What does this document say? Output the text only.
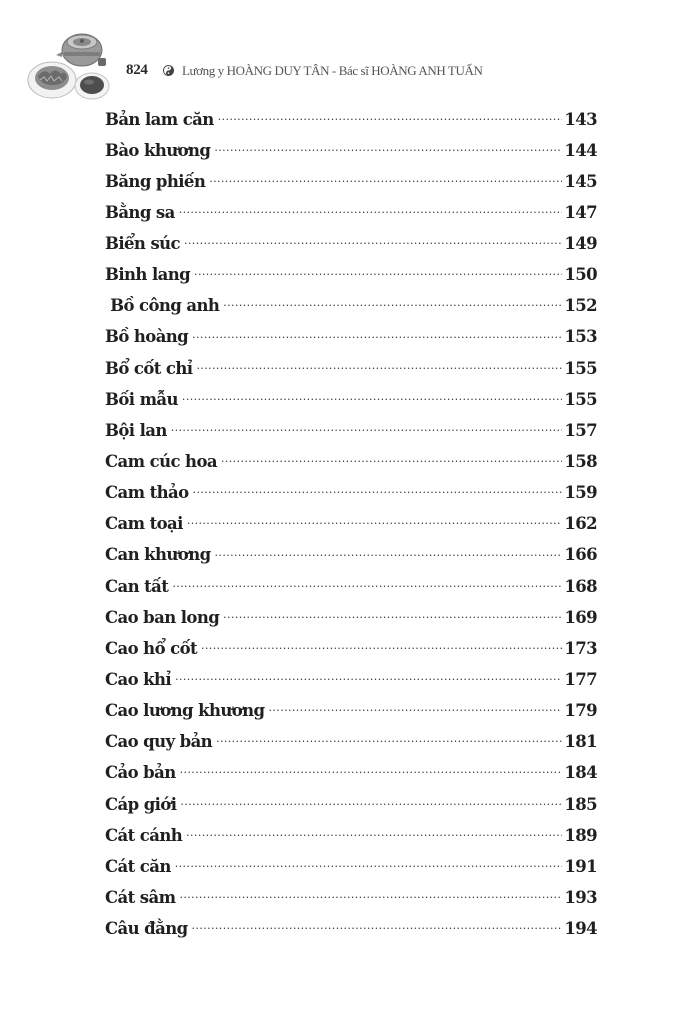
824	Lương y HOÀNG DUY TÂN - Bác sĩ HOÀNG ANH TUẤN
Bản lam căn .....	143
Bào khương .....	144
Băng phiến .....	145
Bằng sa .....	147
Biển súc .....	149
Binh lang .....	150
Bồ công anh .....	152
Bồ hoàng .....	153
Bổ cốt chỉ .....	155
Bối mẫu .....	155
Bội lan .....	157
Cam cúc hoa .....	158
Cam thảo .....	159
Cam toại .....	162
Can khương .....	166
Can tất .....	168
Cao ban long .....	169
Cao hổ cốt .....	173
Cao khỉ .....	177
Cao lương khương .....	179
Cao quy bản .....	181
Cảo bản .....	184
Cáp giới .....	185
Cát cánh .....	189
Cát căn .....	191
Cát sâm .....	193
Câu đằng .....	194
